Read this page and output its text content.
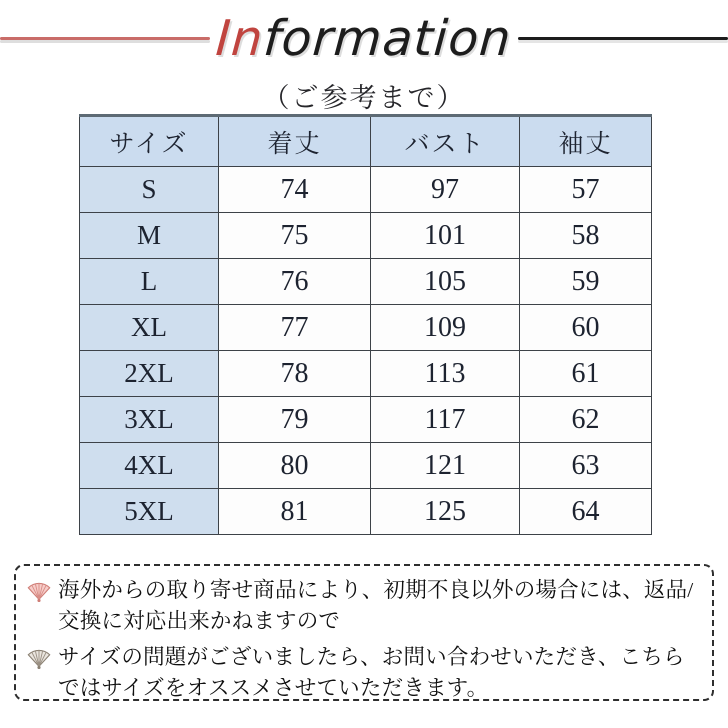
Information
（ご参考まで）
サイズ	着丈	バスト	袖丈
S	74	97	57
M	75	101	58
L	76	105	59
XL	77	109	60
2XL	78	113	61
3XL	79	117	62
4XL	80	121	63
5XL	81	125	64
海外からの取り寄せ商品により、初期不良以外の場合には、返品/交換に対応出来かねますので
サイズの問題がございましたら、お問い合わせいただき、こちらではサイズをオススメさせていただきます。
